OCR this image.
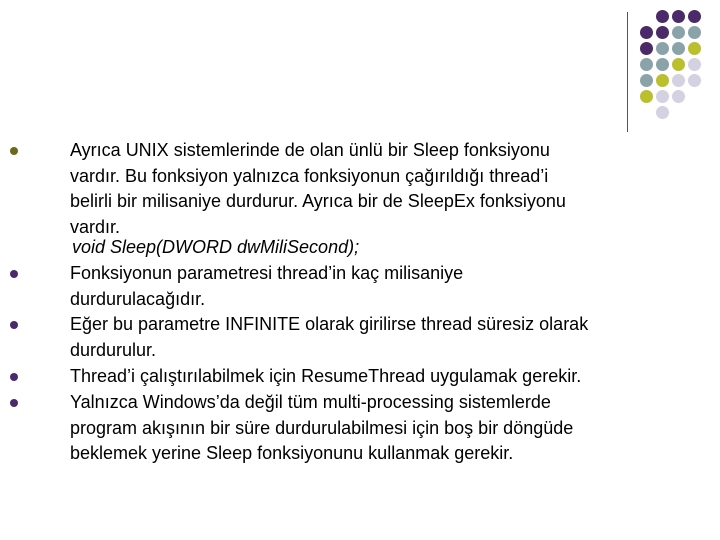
Ayrıca UNIX sistemlerinde de olan ünlü bir Sleep fonksiyonu
vardır. Bu fonksiyon yalnızca fonksiyonun çağırıldığı thread’i
belirli bir milisaniye durdurur. Ayrıca bir de SleepEx fonksiyonu
vardır.
void Sleep(DWORD dwMiliSecond);
Fonksiyonun parametresi thread’in kaç milisaniye
durdurulacağıdır.
Eğer bu parametre INFINITE olarak girilirse thread süresiz olarak
durdurulur.
Thread’i çalıştırılabilmek için ResumeThread uygulamak gerekir.
Yalnızca Windows’da değil tüm multi-processing sistemlerde
program akışının bir süre durdurulabilmesi için boş bir döngüde
beklemek yerine Sleep fonksiyonunu kullanmak gerekir.
